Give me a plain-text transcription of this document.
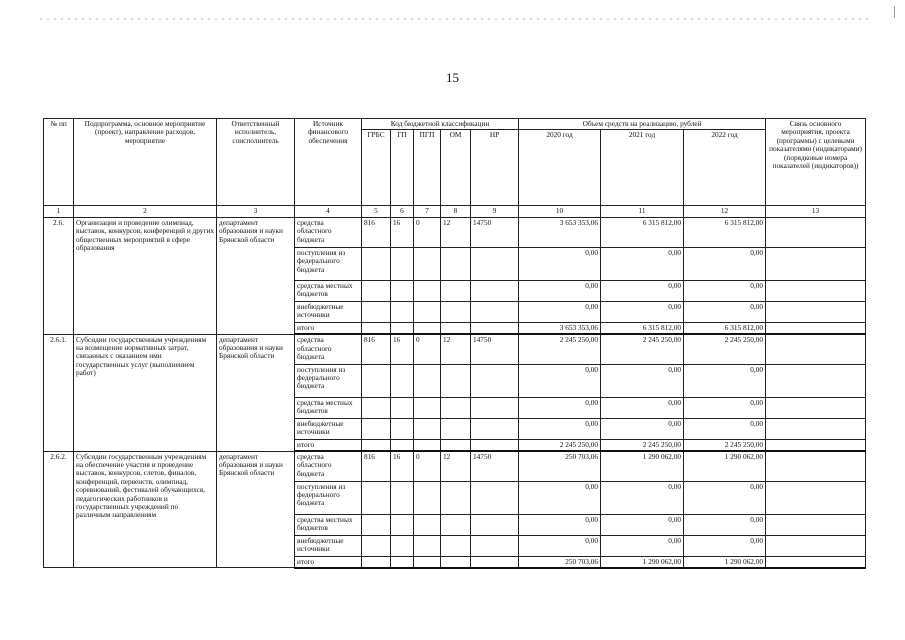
15
№ пп	Подпрограмма, основное мероприятие (проект), направление расходов, мероприятие	Ответственный исполнитель, соисполнитель	Источник финансового обеспечения	Код бюджетной классификации					Объем средств на реализацию, рублей			Связь основного мероприятия, проекта (программы) с целевыми показателями (индикаторами) (порядковые номера показателей (индикаторов))
				ГРБС	ГП	ПГП	ОМ	НР	2020 год	2021 год	2022 год	
1	2	3	4	5	6	7	8	9	10	11	12	13
2.6.	Организация и проведение олимпиад, выставок, конкурсов, конференций и других общественных мероприятий в сфере образования	департамент образования и науки Брянской области	средства областного бюджета	816	16	0	12	14750	3 653 353,06	6 315 812,00	6 315 812,00	
			поступления из федерального бюджета						0,00	0,00	0,00	
			средства местных бюджетов						0,00	0,00	0,00	
			внебюджетные источники						0,00	0,00	0,00	
			итого						3 653 353,06	6 315 812,00	6 315 812,00	
2.6.1.	Субсидии государственным учреждениям на возмещение нормативных затрат, связанных с оказанием ими государственных услуг (выполнением работ)	департамент образования и науки Брянской области	средства областного бюджета	816	16	0	12	14750	2 245 250,00	2 245 250,00	2 245 250,00	
			поступления из федерального бюджета						0,00	0,00	0,00	
			средства местных бюджетов						0,00	0,00	0,00	
			внебюджетные источники						0,00	0,00	0,00	
			итого						2 245 250,00	2 245 250,00	2 245 250,00	
2.6.2.	Субсидии государственным учреждениям на обеспечение участия и проведение выставок, конкурсов, слетов, финалов, конференций, первенств, олимпиад, соревнований, фестивалей обучающихся, педагогических работников и государственных учреждений по различным направлениям	департамент образования и науки Брянской области	средства областного бюджета	816	16	0	12	14750	250 703,06	1 290 062,00	1 290 062,00	
			поступления из федерального бюджета						0,00	0,00	0,00	
			средства местных бюджетов						0,00	0,00	0,00	
			внебюджетные источники						0,00	0,00	0,00	
			итого						250 703,06	1 290 062,00	1 290 062,00	
